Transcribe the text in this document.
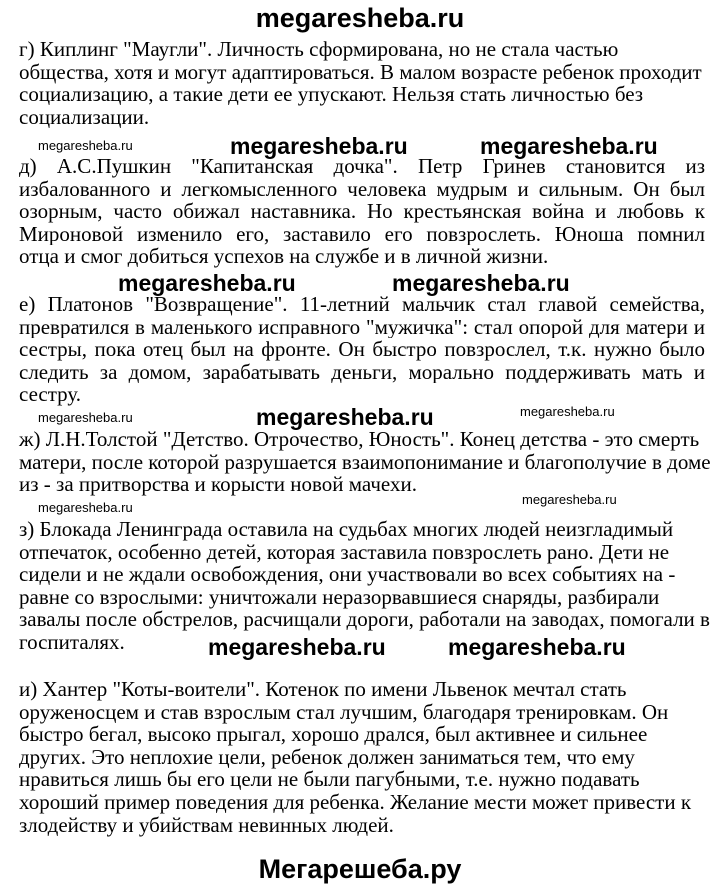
megaresheba.ru
г) Киплинг "Маугли". Личность сформирована, но не стала частью
общества, хотя и могут адаптироваться. В малом возрасте ребенок проходит
социализацию, а такие дети ее упускают. Нельзя стать личностью без
социализации.
д) А.С.Пушкин "Капитанская дочка". Петр Гринев становится из
избалованного и легкомысленного человека мудрым и сильным. Он был
озорным, часто обижал наставника. Но крестьянская война и любовь к
Мироновой изменило его, заставило его повзрослеть. Юноша помнил
отца и смог добиться успехов на службе и в личной жизни.
е) Платонов "Возвращение". 11-летний мальчик стал главой семейства,
превратился в маленького исправного "мужичка": стал опорой для матери и
сестры, пока отец был на фронте. Он быстро повзрослел, т.к. нужно было
следить за домом, зарабатывать деньги, морально поддерживать мать и
сестру.
ж) Л.Н.Толстой "Детство. Отрочество, Юность". Конец детства - это смерть
матери, после которой разрушается взаимопонимание и благополучие в доме
из - за притворства и корысти новой мачехи.
з) Блокада Ленинграда оставила на судьбах многих людей неизгладимый
отпечаток, особенно детей, которая заставила повзрослеть рано. Дети не
сидели и не ждали освобождения, они участвовали во всех событиях на -
равне со взрослыми: уничтожали неразорвавшиеся снаряды, разбирали
завалы после обстрелов, расчищали дороги, работали на заводах, помогали в
госпиталях.
и) Хантер "Коты-воители". Котенок по имени Львенок мечтал стать
оруженосцем и став взрослым стал лучшим, благодаря тренировкам. Он
быстро бегал, высоко прыгал, хорошо дрался, был активнее и сильнее
других. Это неплохие цели, ребенок должен заниматься тем, что ему
нравиться лишь бы его цели не были пагубными, т.е. нужно подавать
хороший пример поведения для ребенка. Желание мести может привести к
злодейству и убийствам невинных людей.
megaresheba.ru	megaresheba.ru	megaresheba.ru
megaresheba.ru	megaresheba.ru
megaresheba.ru	megaresheba.ru	megaresheba.ru
megaresheba.ru
megaresheba.ru
megaresheba.ru	megaresheba.ru
Мегарешеба.ру
